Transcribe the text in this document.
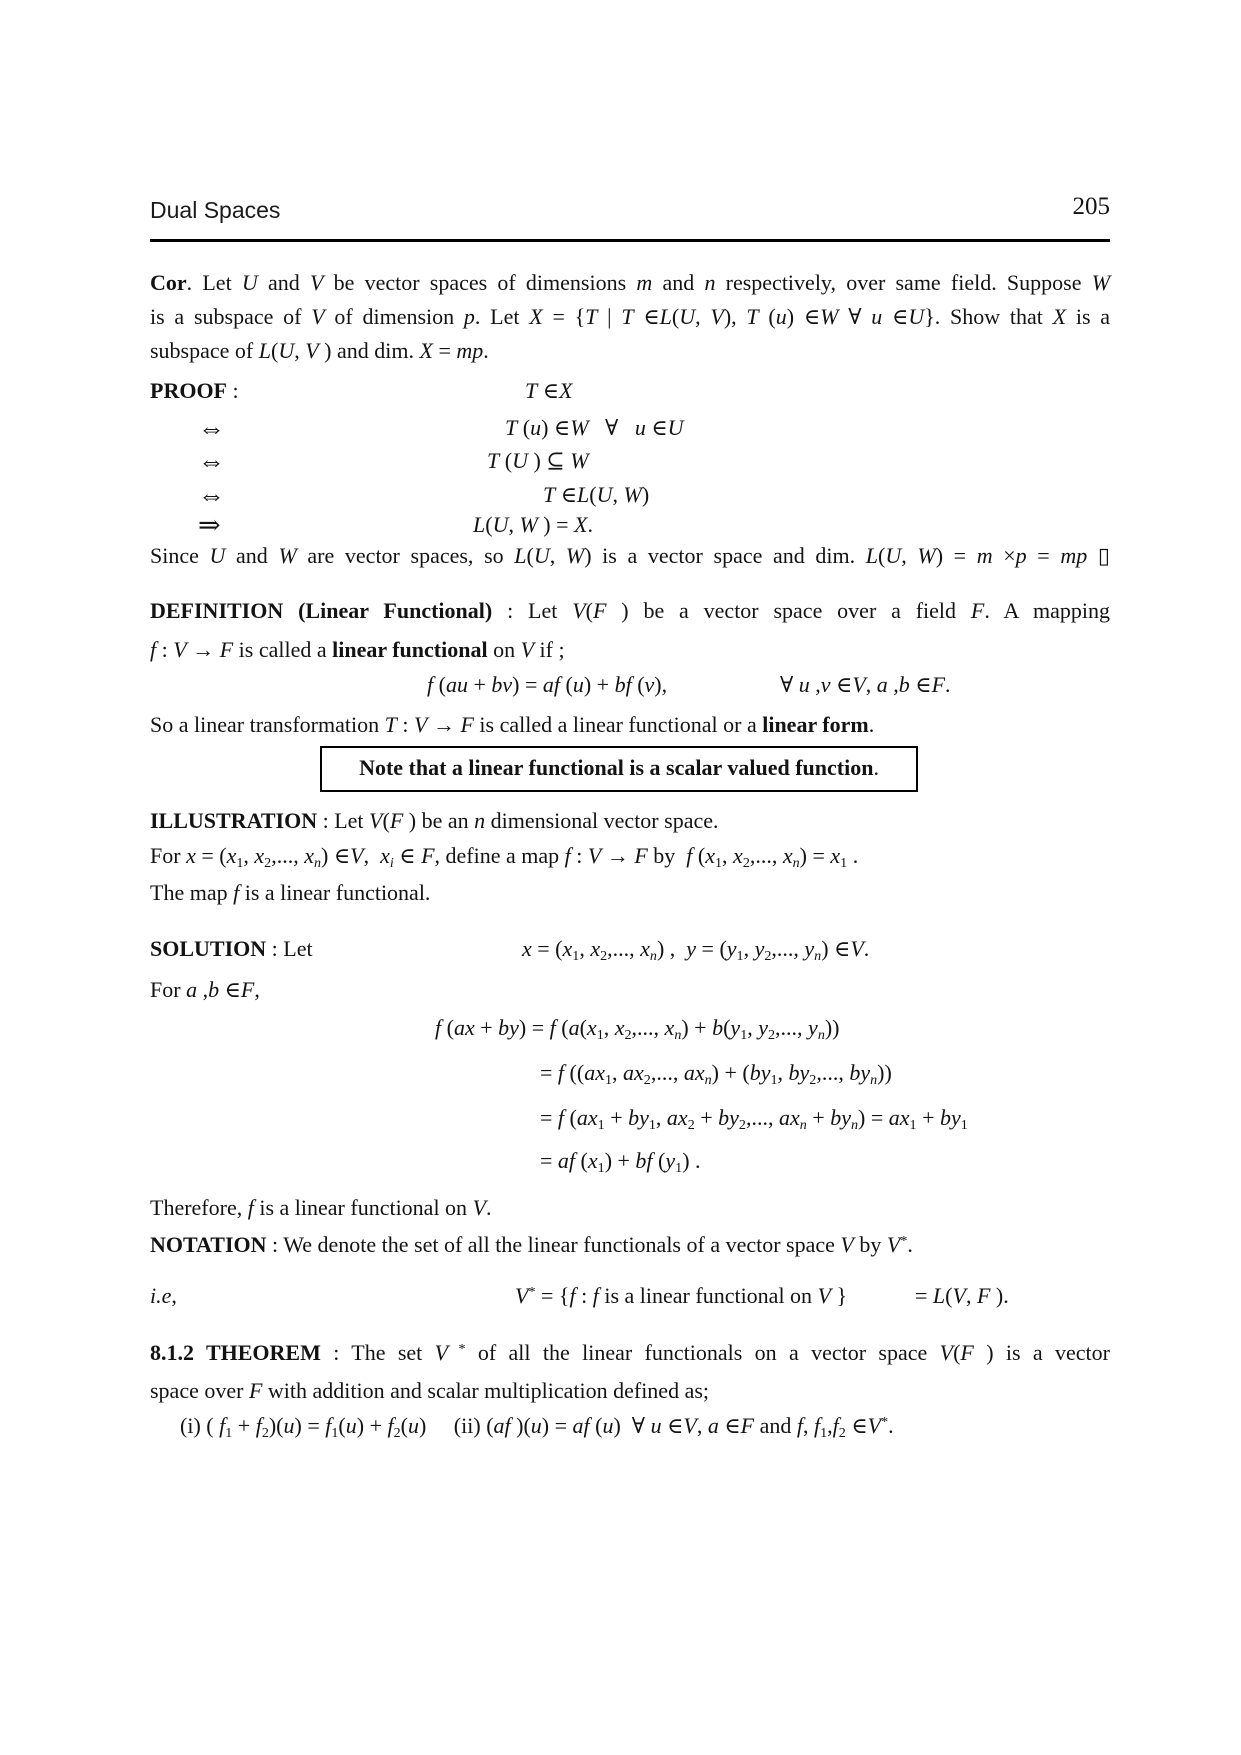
Dual Spaces	205
Cor. Let U and V be vector spaces of dimensions m and n respectively, over same field. Suppose W
is a subspace of V of dimension p. Let X = {T | T ∈L(U, V), T (u) ∈W ∀ u ∈U}. Show that X is a
subspace of L(U, V ) and dim. X = mp.
PROOF :	T ∈X
⇔	T (u) ∈W   ∀   u ∈U
⇔	T (U ) ⊆ W
⇔	T ∈L(U, W)
⇒	L(U, W ) = X.
Since U and W are vector spaces, so L(U, W) is a vector space and dim. L(U, W) = m ×p = mp ▯
DEFINITION (Linear Functional) : Let V(F ) be a vector space over a field F. A mapping
f : V → F is called a linear functional on V if ;
f (au + bv) = af (u) + bf (v),	∀ u ,v ∈V, a ,b ∈F.
So a linear transformation T : V → F is called a linear functional or a linear form.
Note that a linear functional is a scalar valued function.
ILLUSTRATION : Let V(F ) be an n dimensional vector space.
For $x = (x_1$, $x_2$,..., $x_n$) ∈V,  $x_i$ ∈ F, define a map f : V → F by  f ($x_1$, $x_2$,..., $x_n) = x_1$ .
The map f is a linear functional.
SOLUTION : Let	$x = (x_1$, $x_2$,..., $x_n$) ,  $y = (y_1$, $y_2$,..., $y_n$) ∈V.
For a ,b ∈F,
f (ax + by) = f ($a(x_1$, $x_2$,..., $x_n) + b(y_1$, $y_2$,..., $y_n$))
= f (($ax_1$, $ax_2$,..., $ax_n) + (by_1$, $by_2$,..., $by_n$))
= f ($ax_1 + by_1$, $ax_2 + by_2$,..., $ax_n + by_n) = ax_1 + by_1$
= af $(x_1)$ + bf $(y_1)$ .
Therefore, f is a linear functional on V.
NOTATION : We denote the set of all the linear functionals of a vector space V by V*.
i.e,	V* = {f : f is a linear functional on V }	= L(V, F ).
8.1.2 THEOREM : The set V * of all the linear functionals on a vector space V(F ) is a vector
space over F with addition and scalar multiplication defined as;
(i) ( $f_1 + f_2)(u) = f_1(u) + f_2(u)$     (ii) (af )(u) = af (u)  ∀ u ∈V, a ∈F and f, $f_1,f_2$ ∈V*.
